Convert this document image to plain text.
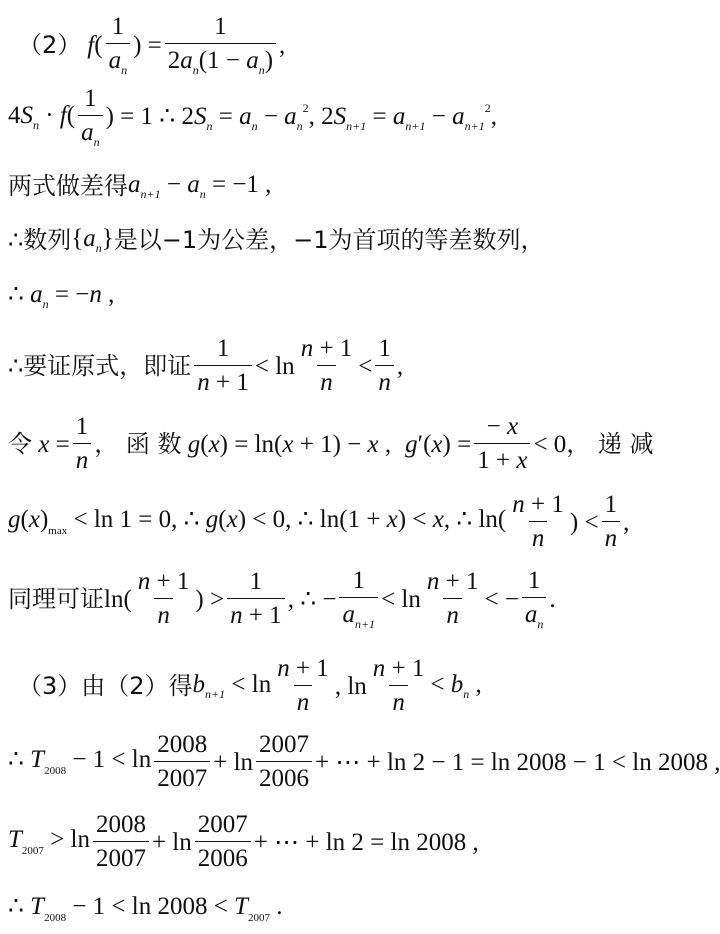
（2） f ( $\frac{1}{a_n}$ ) = $\frac{1}{2a_n(1 - a_n)}$ ,
$4S_n \cdot f( \frac{1}{a_n}$ ) = 1 ∴ $2S_n = a_n - a_n^2$, $2S_{n+1} = a_{n+1} - a_{n+1}^2$,
两式做差得 $a_{n+1} - a_n = -1$ ,
∴数列 $\{a_n\}$ 是以−1为公差，−1为首项的等差数列，
∴ $a_n = -n$ ,
∴要证原式，即证 $\frac{1}{n + 1} < \ln \frac{n + 1}{n} < \frac{1}{n}$ ,
令 $x = \frac{1}{n}$ ， 函 数 g(x) = ln(x + 1) − x , $g'(x) = \frac{- x}{1 + x} < 0$ ， 递 减
$g(x)_{max} < \ln 1 = 0$, ∴ g(x) < 0, ∴ ln(1 + x) < x, ∴ $\ln( \frac{n + 1}{n}$ ) < $\frac{1}{n}$ ,
同理可证 $\ln( \frac{n + 1}{n}$ ) > $\frac{1}{n + 1}$ , ∴ − $\frac{1}{a_{n+1}} < \ln \frac{n + 1}{n}$ < − $\frac{1}{a_n}$ .
（3）由（2）得 $b_{n+1} < \ln \frac{n + 1}{n}$ , $\ln \frac{n + 1}{n} < b_n$ ,
∴ $T_{2008} - 1 < \ln \frac{2008}{2007} + \ln \frac{2007}{2006}$ + ⋯ + ln 2 − 1 = ln 2008 − 1 < ln 2008 ,
$T_{2007} > \ln \frac{2008}{2007} + \ln \frac{2007}{2006}$ + ⋯ + ln 2 = ln 2008 ,
∴ $T_{2008} - 1 < \ln 2008 < T_{2007}$ .
